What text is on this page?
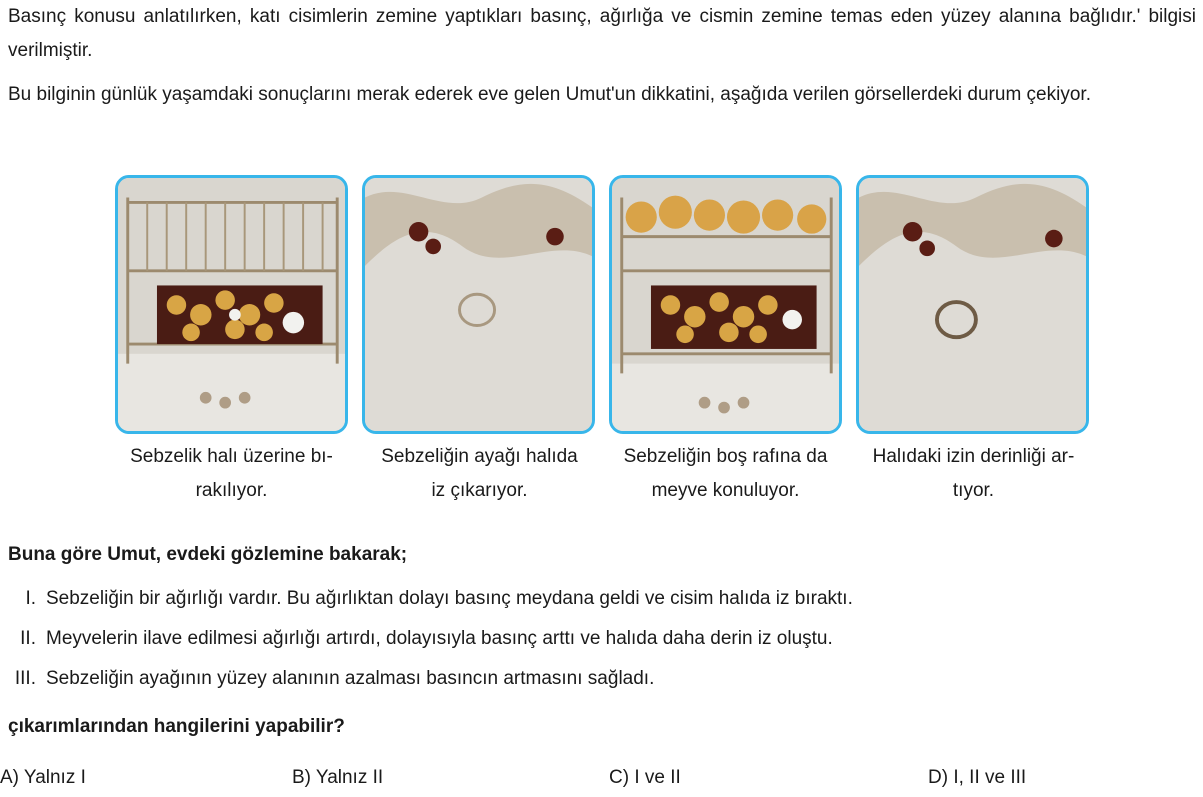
Basınç konusu anlatılırken, katı cisimlerin zemine yaptıkları basınç, ağırlığa ve cismin zemine temas eden yüzey alanına bağlıdır.' bilgisi verilmiştir.
Bu bilginin günlük yaşamdaki sonuçlarını merak ederek eve gelen Umut'un dikkatini, aşağıda verilen görsellerdeki durum çekiyor.
Sebzelik halı üzerine bı-
rakılıyor.
Sebzeliğin ayağı halıda
iz çıkarıyor.
Sebzeliğin boş rafına da
meyve konuluyor.
Halıdaki izin derinliği ar-
tıyor.
Buna göre Umut, evdeki gözlemine bakarak;
I. Sebzeliğin bir ağırlığı vardır. Bu ağırlıktan dolayı basınç meydana geldi ve cisim halıda iz bıraktı.
II. Meyvelerin ilave edilmesi ağırlığı artırdı, dolayısıyla basınç arttı ve halıda daha derin iz oluştu.
III. Sebzeliğin ayağının yüzey alanının azalması basıncın artmasını sağladı.
çıkarımlarından hangilerini yapabilir?
A) Yalnız I	B) Yalnız II	C) I ve II	D) I, II ve III
